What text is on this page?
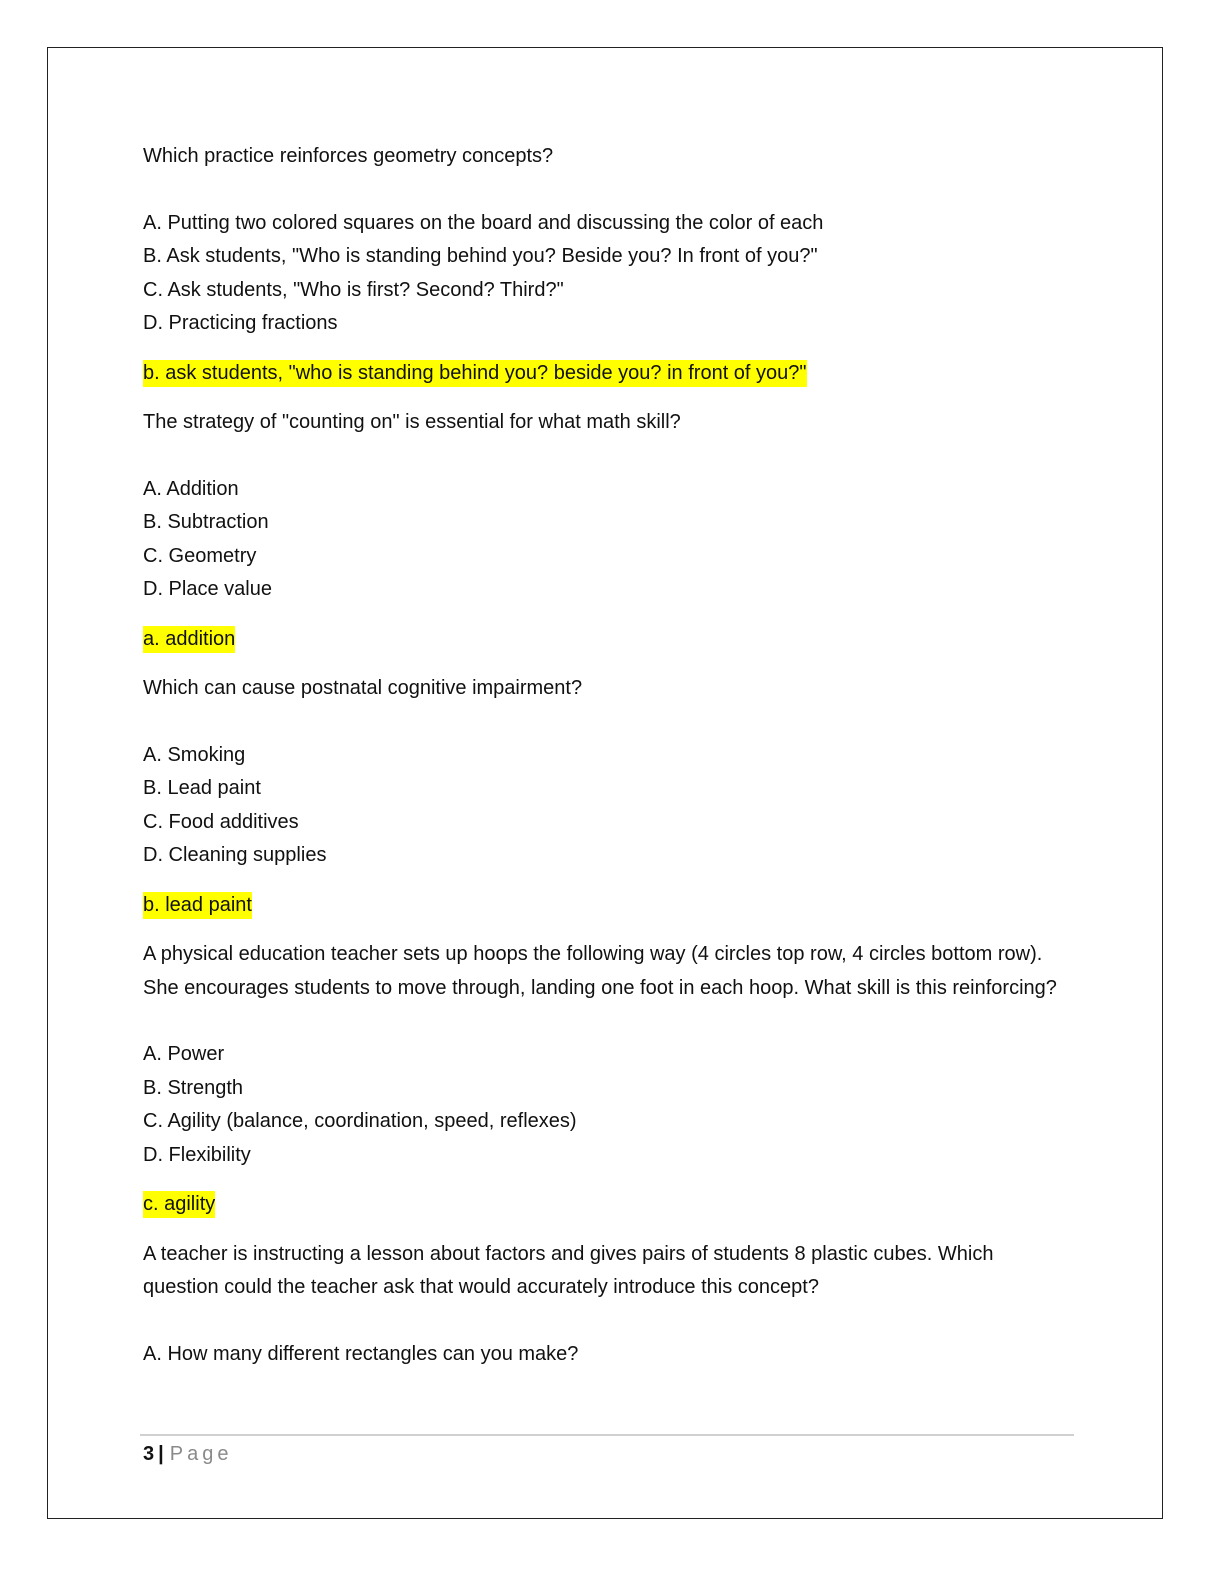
Which practice reinforces geometry concepts?
A. Putting two colored squares on the board and discussing the color of each
B. Ask students, "Who is standing behind you? Beside you? In front of you?"
C. Ask students, "Who is first? Second? Third?"
D. Practicing fractions
b. ask students, "who is standing behind you? beside you? in front of you?"
The strategy of "counting on" is essential for what math skill?
A. Addition
B. Subtraction
C. Geometry
D. Place value
a. addition
Which can cause postnatal cognitive impairment?
A. Smoking
B. Lead paint
C. Food additives
D. Cleaning supplies
b. lead paint
A physical education teacher sets up hoops the following way (4 circles top row, 4 circles bottom row). She encourages students to move through, landing one foot in each hoop. What skill is this reinforcing?
A. Power
B. Strength
C. Agility (balance, coordination, speed, reflexes)
D. Flexibility
c. agility
A teacher is instructing a lesson about factors and gives pairs of students 8 plastic cubes. Which question could the teacher ask that would accurately introduce this concept?
A. How many different rectangles can you make?
3 | Page
